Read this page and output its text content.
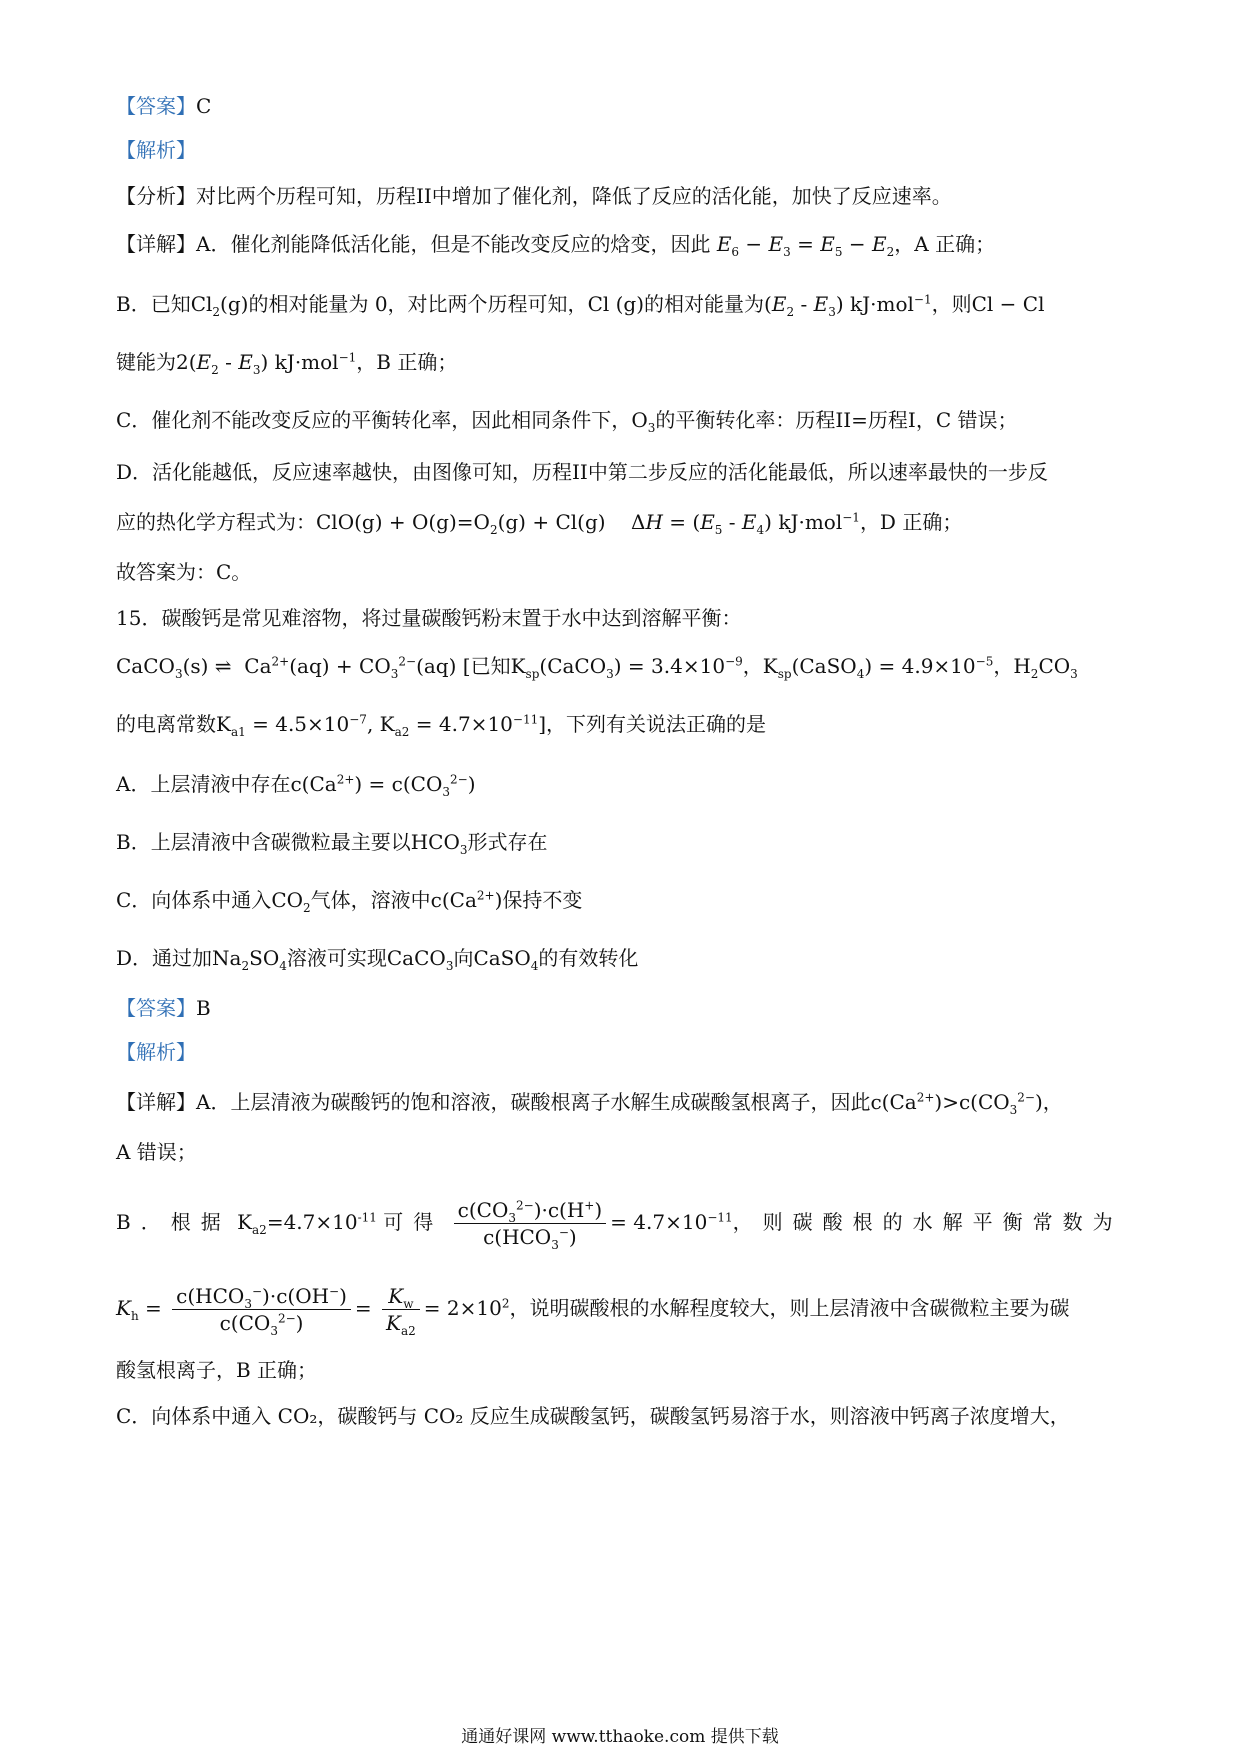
【答案】C
【解析】
【分析】对比两个历程可知，历程II中增加了催化剂，降低了反应的活化能，加快了反应速率。
【详解】A．催化剂能降低活化能，但是不能改变反应的焓变，因此 $E_6 - E_3 = E_5 - E_2$，A 正确；
B．已知$Cl_2(g)$的相对能量为 0，对比两个历程可知，Cl (g)的相对能量为$(E_2 - E_3)$ kJ·mol$^{-1}$，则Cl − Cl
键能为$2(E_2 - E_3)$ kJ·mol$^{-1}$，B 正确；
C．催化剂不能改变反应的平衡转化率，因此相同条件下，$O_3$的平衡转化率：历程II=历程I，C 错误；
D．活化能越低，反应速率越快，由图像可知，历程II中第二步反应的活化能最低，所以速率最快的一步反
应的热化学方程式为：$ClO(g) + O(g)=O_2(g) + Cl(g)$    $\Delta H = (E_5 - E_4)$ kJ·mol$^{-1}$，D 正确；
故答案为：C。
15．碳酸钙是常见难溶物，将过量碳酸钙粉末置于水中达到溶解平衡：
CaCO$_3$(s) ⇌  $Ca^{2+}(aq) + CO_3^{2-}(aq)$ [已知$K_{sp}(CaCO_3) = 3.4\times 10^{-9}$，$K_{sp}(CaSO_4) = 4.9\times 10^{-5}$，$H_2CO_3$
的电离常数$K_{a1} = 4.5\times 10^{-7}$, $K_{a2} = 4.7\times 10^{-11}$]，下列有关说法正确的是
A．上层清液中存在$c(Ca^{2+}) = c(CO_3^{2-})$
B．上层清液中含碳微粒最主要以$HCO_3$形式存在
C．向体系中通入$CO_2$气体，溶液中$c(Ca^{2+})$保持不变
D．通过加$Na_2SO_4$溶液可实现CaCO$_3$向CaSO$_4$的有效转化
【答案】B
【解析】
【详解】A．上层清液为碳酸钙的饱和溶液，碳酸根离子水解生成碳酸氢根离子，因此$c(Ca^{2+})>c(CO_3^{2-})$，
A 错误；
B．根据 $K_{a2}=4.7\times 10^{-11}$ 可得 $\frac{c(CO_3^{2-})\cdot c(H^+)}{c(HCO_3^-)} = 4.7\times 10^{-11}$，则碳酸根的水解平衡常数为
$K_h = \frac{c(HCO_3^-)\cdot c(OH^-)}{c(CO_3^{2-})} = \frac{K_w}{K_{a2}} = 2\times 10^2$，说明碳酸根的水解程度较大，则上层清液中含碳微粒主要为碳
酸氢根离子，B 正确；
C．向体系中通入 CO₂，碳酸钙与 CO₂ 反应生成碳酸氢钙，碳酸氢钙易溶于水，则溶液中钙离子浓度增大，
通通好课网 www.tthaoke.com 提供下载
